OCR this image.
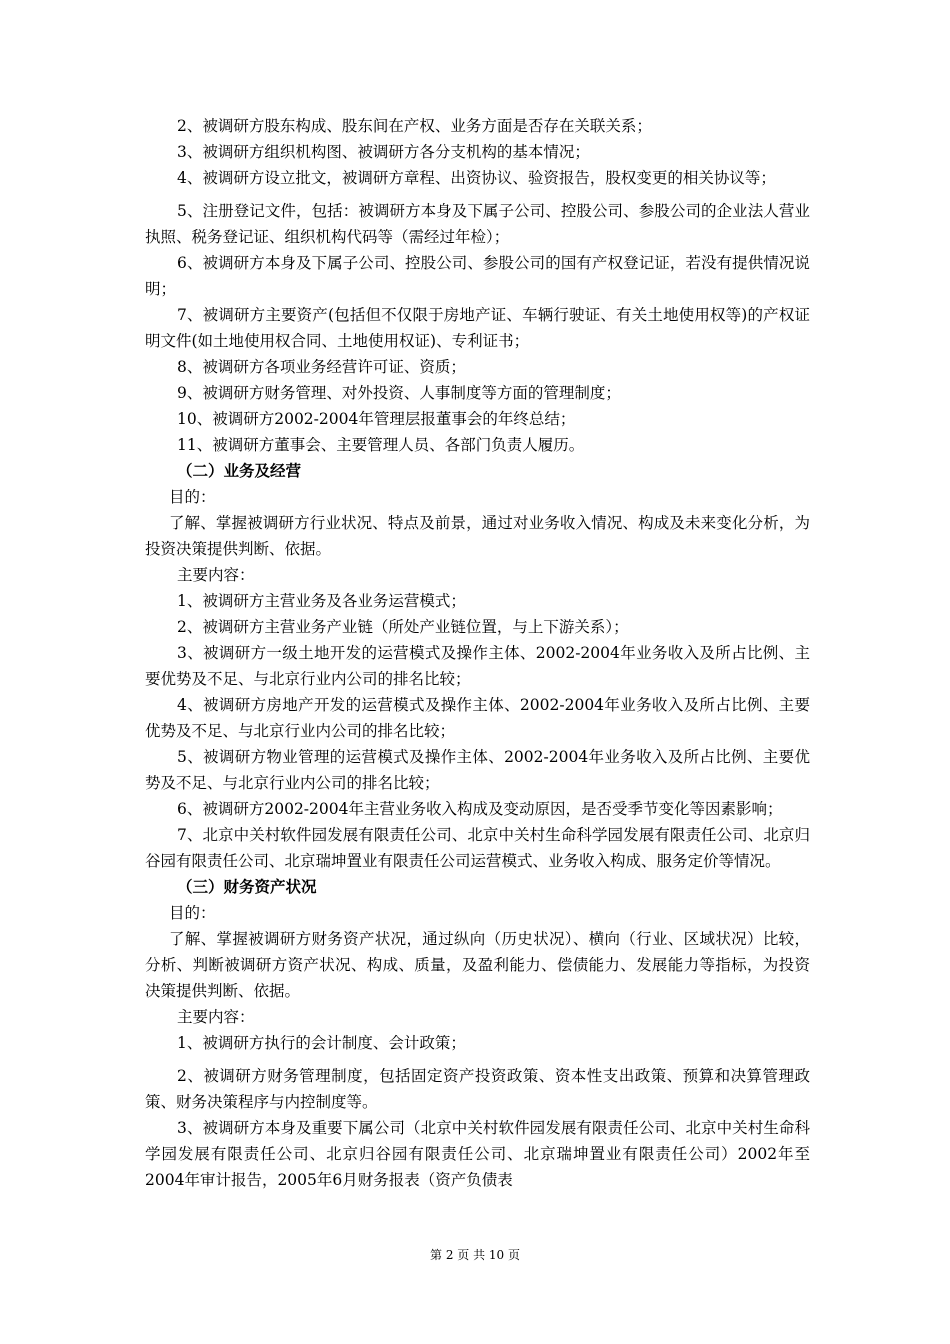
2、被调研方股东构成、股东间在产权、业务方面是否存在关联关系；

3、被调研方组织机构图、被调研方各分支机构的基本情况；

4、被调研方设立批文，被调研方章程、出资协议、验资报告，股权变更的相关协议等；

5、注册登记文件，包括：被调研方本身及下属子公司、控股公司、参股公司的企业法人营业执照、税务登记证、组织机构代码等（需经过年检）；

6、被调研方本身及下属子公司、控股公司、参股公司的国有产权登记证，若没有提供情况说明；

7、被调研方主要资产(包括但不仅限于房地产证、车辆行驶证、有关土地使用权等)的产权证明文件(如土地使用权合同、土地使用权证)、专利证书；

8、被调研方各项业务经营许可证、资质；

9、被调研方财务管理、对外投资、人事制度等方面的管理制度；

10、被调研方2002-2004年管理层报董事会的年终总结；

11、被调研方董事会、主要管理人员、各部门负责人履历。

（二）业务及经营

目的：

了解、掌握被调研方行业状况、特点及前景，通过对业务收入情况、构成及未来变化分析，为投资决策提供判断、依据。

主要内容：

1、被调研方主营业务及各业务运营模式；

2、被调研方主营业务产业链（所处产业链位置，与上下游关系）；

3、被调研方一级土地开发的运营模式及操作主体、2002-2004年业务收入及所占比例、主要优势及不足、与北京行业内公司的排名比较；

4、被调研方房地产开发的运营模式及操作主体、2002-2004年业务收入及所占比例、主要优势及不足、与北京行业内公司的排名比较；

5、被调研方物业管理的运营模式及操作主体、2002-2004年业务收入及所占比例、主要优势及不足、与北京行业内公司的排名比较；

6、被调研方2002-2004年主营业务收入构成及变动原因，是否受季节变化等因素影响；

7、北京中关村软件园发展有限责任公司、北京中关村生命科学园发展有限责任公司、北京归谷园有限责任公司、北京瑞坤置业有限责任公司运营模式、业务收入构成、服务定价等情况。

（三）财务资产状况

目的：

了解、掌握被调研方财务资产状况，通过纵向（历史状况）、横向（行业、区域状况）比较，分析、判断被调研方资产状况、构成、质量，及盈利能力、偿债能力、发展能力等指标，为投资决策提供判断、依据。

主要内容：

1、被调研方执行的会计制度、会计政策；

2、被调研方财务管理制度，包括固定资产投资政策、资本性支出政策、预算和决算管理政策、财务决策程序与内控制度等。

3、被调研方本身及重要下属公司（北京中关村软件园发展有限责任公司、北京中关村生命科学园发展有限责任公司、北京归谷园有限责任公司、北京瑞坤置业有限责任公司）2002年至2004年审计报告，2005年6月财务报表（资产负债表

第 2 页 共 10 页
